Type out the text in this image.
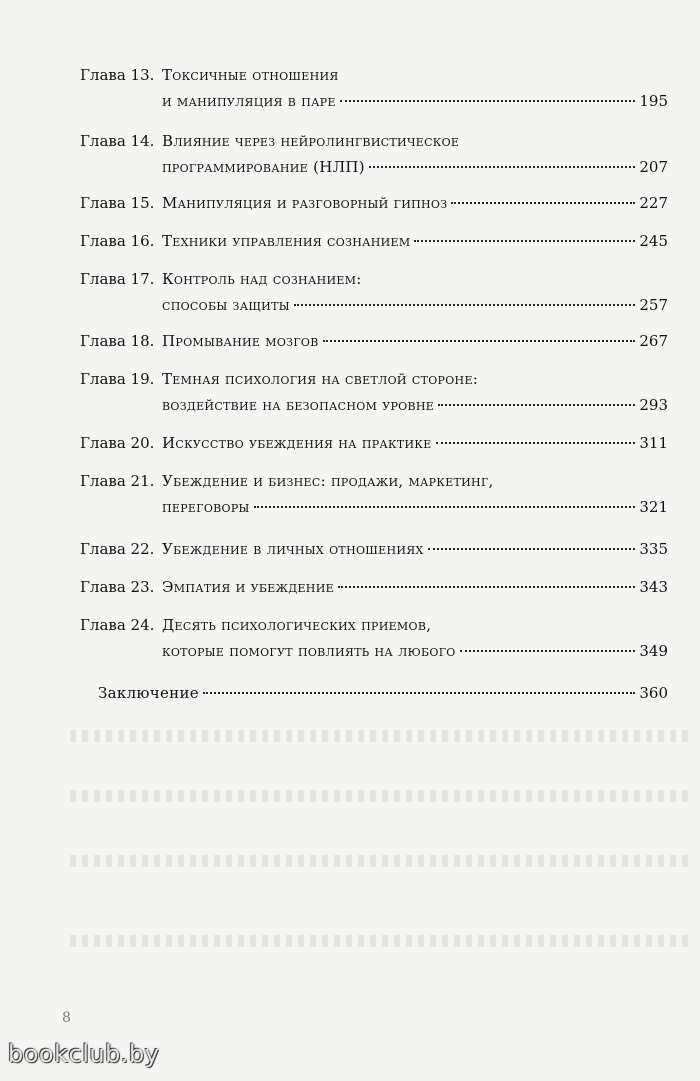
Глава 13. Токсичные отношения
и манипуляция в паре	195
Глава 14. Влияние через нейролингвистическое
программирование (НЛП)	207
Глава 15. Манипуляция и разговорный гипноз	227
Глава 16. Техники управления сознанием	245
Глава 17. Контроль над сознанием:
способы защиты	257
Глава 18. Промывание мозгов	267
Глава 19. Темная психология на светлой стороне:
воздействие на безопасном уровне	293
Глава 20. Искусство убеждения на практике	311
Глава 21. Убеждение и бизнес: продажи, маркетинг,
переговоры	321
Глава 22. Убеждение в личных отношениях	335
Глава 23. Эмпатия и убеждение	343
Глава 24. Десять психологических приемов,
которые помогут повлиять на любого	349
Заключение	360
8
bookclub.by
